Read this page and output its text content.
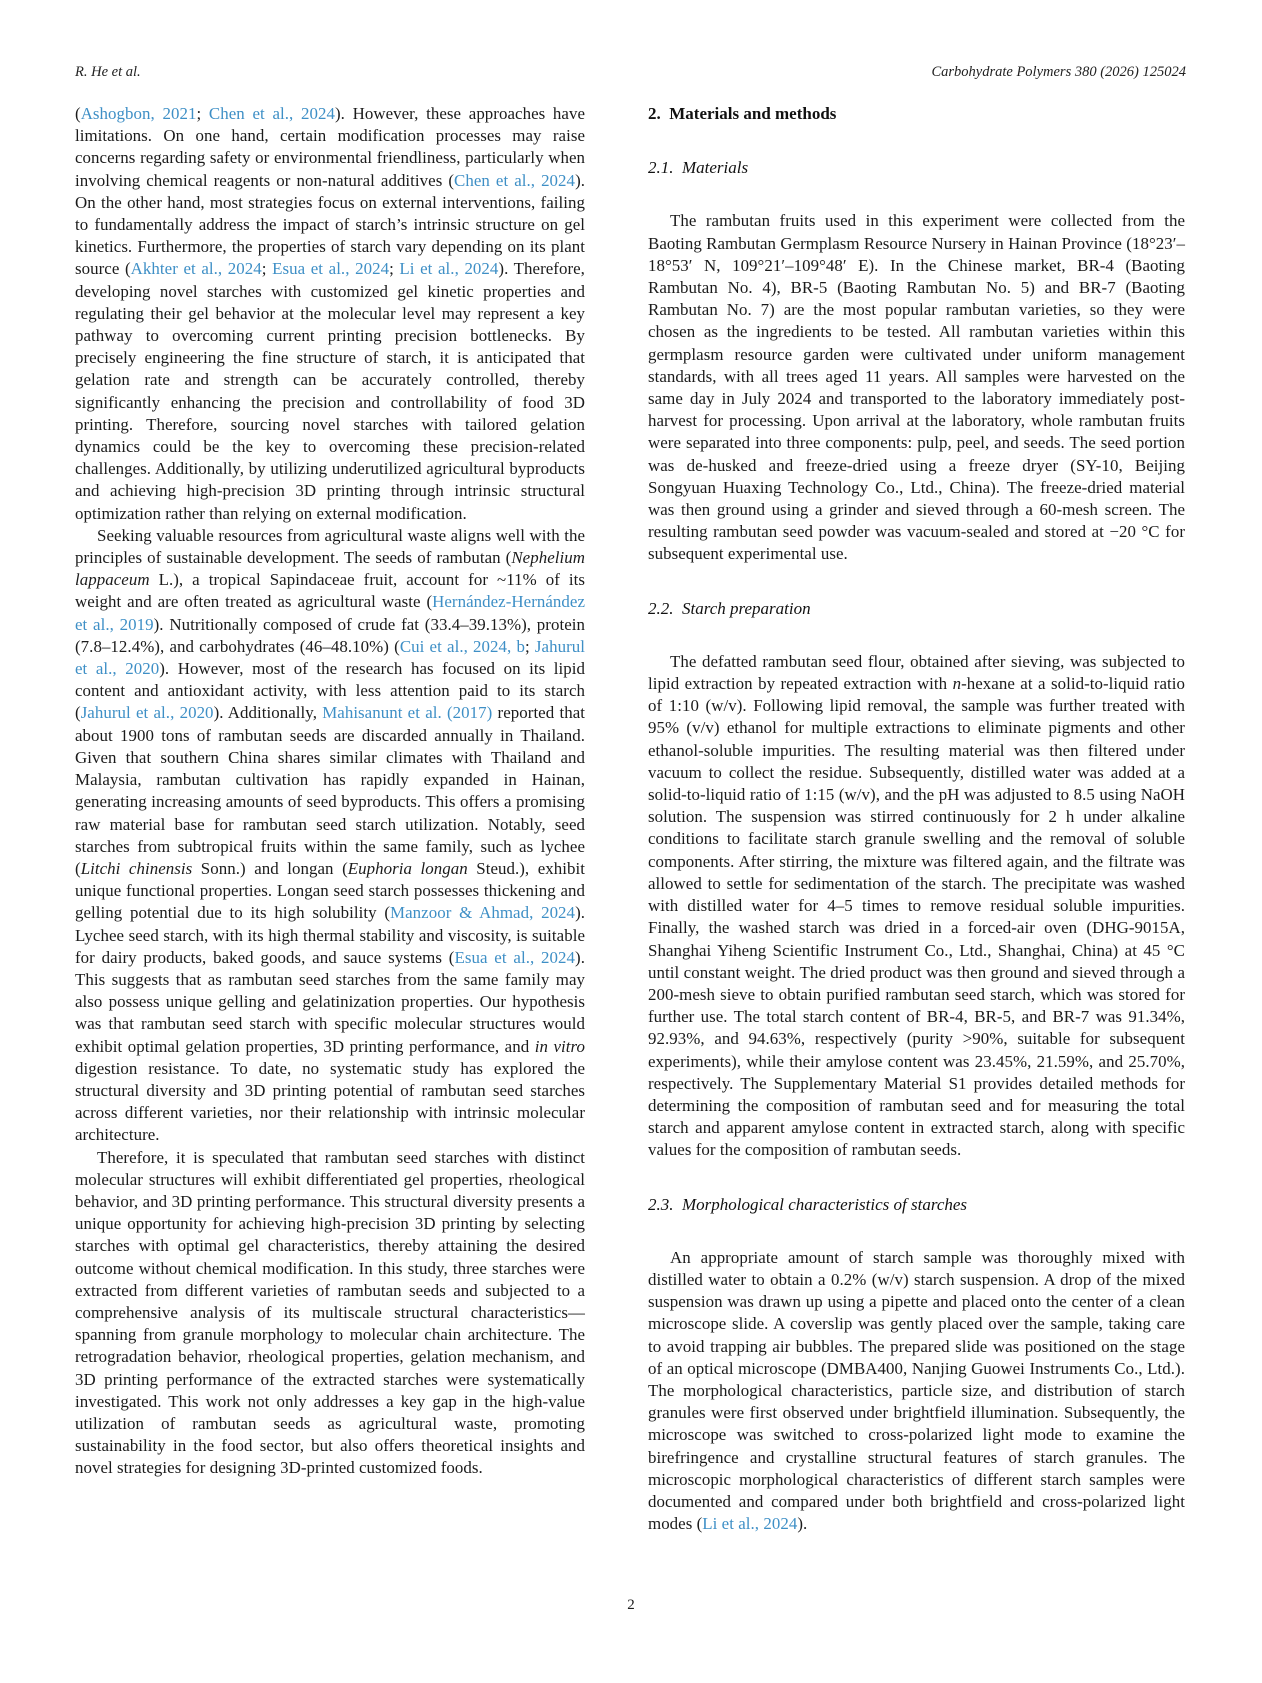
R. He et al.	Carbohydrate Polymers 380 (2026) 125024

(Ashogbon, 2021; Chen et al., 2024). However, these approaches have limitations. On one hand, certain modification processes may raise concerns regarding safety or environmental friendliness, particularly when involving chemical reagents or non-natural additives (Chen et al., 2024). On the other hand, most strategies focus on external interventions, failing to fundamentally address the impact of starch’s intrinsic structure on gel kinetics. Furthermore, the properties of starch vary depending on its plant source (Akhter et al., 2024; Esua et al., 2024; Li et al., 2024). Therefore, developing novel starches with customized gel kinetic properties and regulating their gel behavior at the molecular level may represent a key pathway to overcoming current printing precision bottlenecks. By precisely engineering the fine structure of starch, it is anticipated that gelation rate and strength can be accurately controlled, thereby significantly enhancing the precision and controllability of food 3D printing. Therefore, sourcing novel starches with tailored gelation dynamics could be the key to overcoming these precision-related challenges. Additionally, by utilizing underutilized agricultural byproducts and achieving high-precision 3D printing through intrinsic structural optimization rather than relying on external modification.

Seeking valuable resources from agricultural waste aligns well with the principles of sustainable development. The seeds of rambutan (Nephelium lappaceum L.), a tropical Sapindaceae fruit, account for ~11% of its weight and are often treated as agricultural waste (Hernández-Hernández et al., 2019). Nutritionally composed of crude fat (33.4–39.13%), protein (7.8–12.4%), and carbohydrates (46–48.10%) (Cui et al., 2024, b; Jahurul et al., 2020). However, most of the research has focused on its lipid content and antioxidant activity, with less attention paid to its starch (Jahurul et al., 2020). Additionally, Mahisanunt et al. (2017) reported that about 1900 tons of rambutan seeds are discarded annually in Thailand. Given that southern China shares similar climates with Thailand and Malaysia, rambutan cultivation has rapidly expanded in Hainan, generating increasing amounts of seed byproducts. This offers a promising raw material base for rambutan seed starch utilization. Notably, seed starches from subtropical fruits within the same family, such as lychee (Litchi chinensis Sonn.) and longan (Euphoria longan Steud.), exhibit unique functional properties. Longan seed starch possesses thickening and gelling potential due to its high solubility (Manzoor & Ahmad, 2024). Lychee seed starch, with its high thermal stability and viscosity, is suitable for dairy products, baked goods, and sauce systems (Esua et al., 2024). This suggests that as rambutan seed starches from the same family may also possess unique gelling and gelatinization properties. Our hypothesis was that rambutan seed starch with specific molecular structures would exhibit optimal gelation properties, 3D printing performance, and in vitro digestion resistance. To date, no systematic study has explored the structural diversity and 3D printing potential of rambutan seed starches across different varieties, nor their relationship with intrinsic molecular architecture.

Therefore, it is speculated that rambutan seed starches with distinct molecular structures will exhibit differentiated gel properties, rheological behavior, and 3D printing performance. This structural diversity presents a unique opportunity for achieving high-precision 3D printing by selecting starches with optimal gel characteristics, thereby attaining the desired outcome without chemical modification. In this study, three starches were extracted from different varieties of rambutan seeds and subjected to a comprehensive analysis of its multiscale structural characteristics—spanning from granule morphology to molecular chain architecture. The retrogradation behavior, rheological properties, gelation mechanism, and 3D printing performance of the extracted starches were systematically investigated. This work not only addresses a key gap in the high-value utilization of rambutan seeds as agricultural waste, promoting sustainability in the food sector, but also offers theoretical insights and novel strategies for designing 3D-printed customized foods.

2.  Materials and methods
2.1.  Materials

The rambutan fruits used in this experiment were collected from the Baoting Rambutan Germplasm Resource Nursery in Hainan Province (18°23′–18°53′ N, 109°21′–109°48′ E). In the Chinese market, BR-4 (Baoting Rambutan No. 4), BR-5 (Baoting Rambutan No. 5) and BR-7 (Baoting Rambutan No. 7) are the most popular rambutan varieties, so they were chosen as the ingredients to be tested. All rambutan varieties within this germplasm resource garden were cultivated under uniform management standards, with all trees aged 11 years. All samples were harvested on the same day in July 2024 and transported to the laboratory immediately post-harvest for processing. Upon arrival at the laboratory, whole rambutan fruits were separated into three components: pulp, peel, and seeds. The seed portion was de-husked and freeze-dried using a freeze dryer (SY-10, Beijing Songyuan Huaxing Technology Co., Ltd., China). The freeze-dried material was then ground using a grinder and sieved through a 60-mesh screen. The resulting rambutan seed powder was vacuum-sealed and stored at −20 °C for subsequent experimental use.

2.2.  Starch preparation

The defatted rambutan seed flour, obtained after sieving, was subjected to lipid extraction by repeated extraction with n-hexane at a solid-to-liquid ratio of 1:10 (w/v). Following lipid removal, the sample was further treated with 95% (v/v) ethanol for multiple extractions to eliminate pigments and other ethanol-soluble impurities. The resulting material was then filtered under vacuum to collect the residue. Subsequently, distilled water was added at a solid-to-liquid ratio of 1:15 (w/v), and the pH was adjusted to 8.5 using NaOH solution. The suspension was stirred continuously for 2 h under alkaline conditions to facilitate starch granule swelling and the removal of soluble components. After stirring, the mixture was filtered again, and the filtrate was allowed to settle for sedimentation of the starch. The precipitate was washed with distilled water for 4–5 times to remove residual soluble impurities. Finally, the washed starch was dried in a forced-air oven (DHG-9015A, Shanghai Yiheng Scientific Instrument Co., Ltd., Shanghai, China) at 45 °C until constant weight. The dried product was then ground and sieved through a 200-mesh sieve to obtain purified rambutan seed starch, which was stored for further use. The total starch content of BR-4, BR-5, and BR-7 was 91.34%, 92.93%, and 94.63%, respectively (purity >90%, suitable for subsequent experiments), while their amylose content was 23.45%, 21.59%, and 25.70%, respectively. The Supplementary Material S1 provides detailed methods for determining the composition of rambutan seed and for measuring the total starch and apparent amylose content in extracted starch, along with specific values for the composition of rambutan seeds.

2.3.  Morphological characteristics of starches

An appropriate amount of starch sample was thoroughly mixed with distilled water to obtain a 0.2% (w/v) starch suspension. A drop of the mixed suspension was drawn up using a pipette and placed onto the center of a clean microscope slide. A coverslip was gently placed over the sample, taking care to avoid trapping air bubbles. The prepared slide was positioned on the stage of an optical microscope (DMBA400, Nanjing Guowei Instruments Co., Ltd.). The morphological characteristics, particle size, and distribution of starch granules were first observed under brightfield illumination. Subsequently, the microscope was switched to cross-polarized light mode to examine the birefringence and crystalline structural features of starch granules. The microscopic morphological characteristics of different starch samples were documented and compared under both brightfield and cross-polarized light modes (Li et al., 2024).

2
